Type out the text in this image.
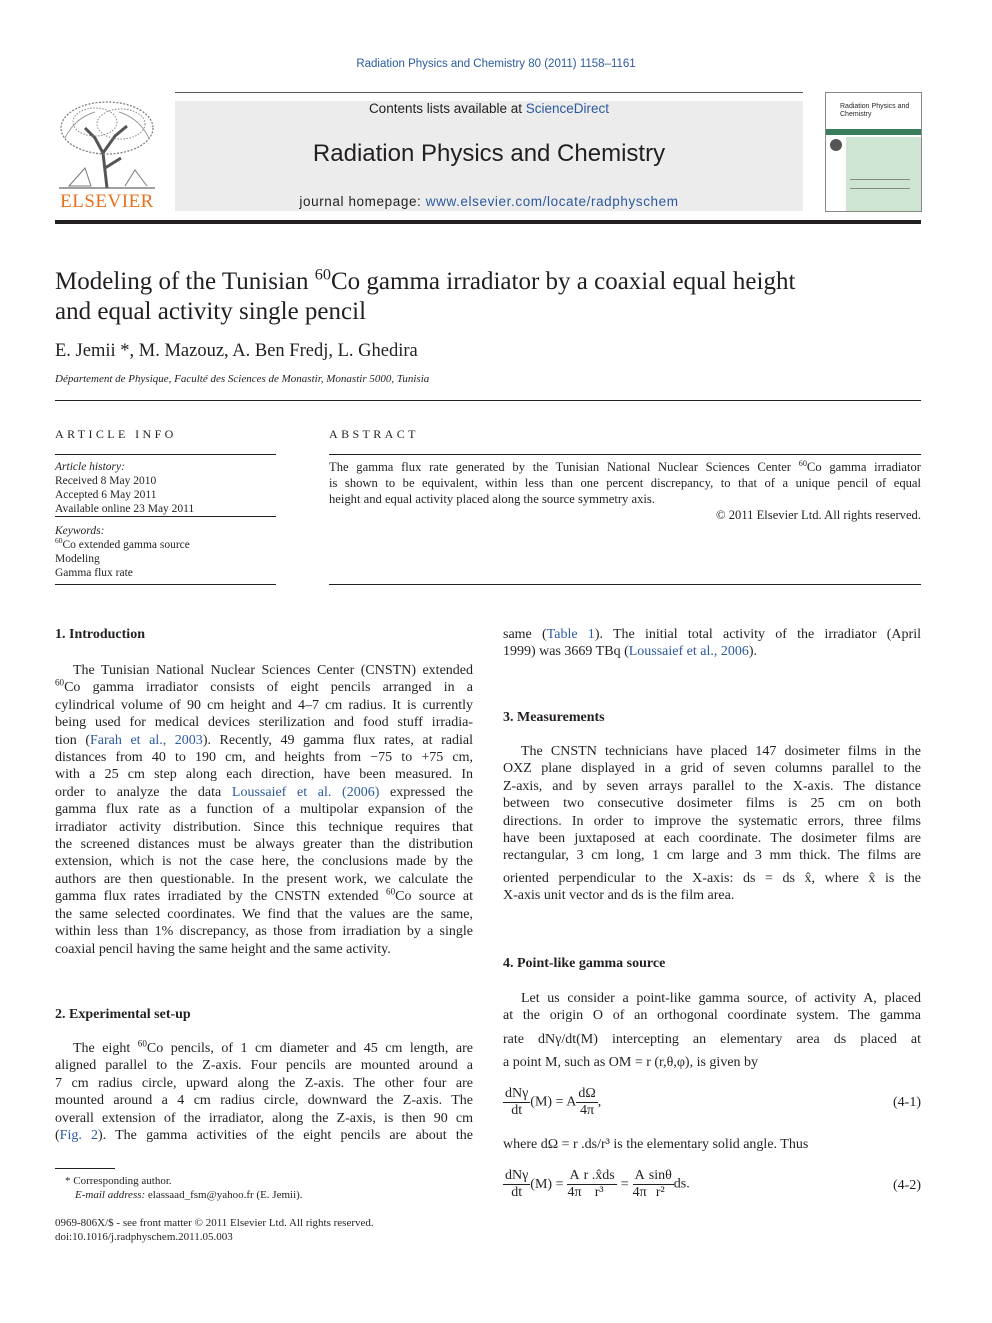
Radiation Physics and Chemistry 80 (2011) 1158–1161
ELSEVIER
Contents lists available at ScienceDirect
Radiation Physics and Chemistry
journal homepage: www.elsevier.com/locate/radphyschem
Radiation Physics and Chemistry
Modeling of the Tunisian $^{60}$Co gamma irradiator by a coaxial equal height
and equal activity single pencil
E. Jemii *, M. Mazouz, A. Ben Fredj, L. Ghedira
Département de Physique, Faculté des Sciences de Monastir, Monastir 5000, Tunisia
ARTICLE INFO
Article history:
Received 8 May 2010
Accepted 6 May 2011
Available online 23 May 2011
Keywords:
$^{60}$Co extended gamma source
Modeling
Gamma flux rate
ABSTRACT
The gamma flux rate generated by the Tunisian National Nuclear Sciences Center $^{60}$Co gamma irradiator
is shown to be equivalent, within less than one percent discrepancy, to that of a unique pencil of equal
height and equal activity placed along the source symmetry axis.
© 2011 Elsevier Ltd. All rights reserved.
1. Introduction
The Tunisian National Nuclear Sciences Center (CNSTN) extended
$^{60}$Co gamma irradiator consists of eight pencils arranged in a
cylindrical volume of 90 cm height and 4–7 cm radius. It is currently
being used for medical devices sterilization and food stuff irradia-
tion (Farah et al., 2003). Recently, 49 gamma flux rates, at radial
distances from 40 to 190 cm, and heights from −75 to +75 cm,
with a 25 cm step along each direction, have been measured. In
order to analyze the data Loussaief et al. (2006) expressed the
gamma flux rate as a function of a multipolar expansion of the
irradiator activity distribution. Since this technique requires that
the screened distances must be always greater than the distribution
extension, which is not the case here, the conclusions made by the
authors are then questionable. In the present work, we calculate the
gamma flux rates irradiated by the CNSTN extended $^{60}$Co source at
the same selected coordinates. We find that the values are the same,
within less than 1% discrepancy, as those from irradiation by a single
coaxial pencil having the same height and the same activity.
2. Experimental set-up
The eight $^{60}$Co pencils, of 1 cm diameter and 45 cm length, are
aligned parallel to the Z-axis. Four pencils are mounted around a
7 cm radius circle, upward along the Z-axis. The other four are
mounted around a 4 cm radius circle, downward the Z-axis. The
overall extension of the irradiator, along the Z-axis, is then 90 cm
(Fig. 2). The gamma activities of the eight pencils are about the
* Corresponding author.
E-mail address: elassaad_fsm@yahoo.fr (E. Jemii).
0969-806X/$ - see front matter © 2011 Elsevier Ltd. All rights reserved.
doi:10.1016/j.radphyschem.2011.05.003
same (Table 1). The initial total activity of the irradiator (April
1999) was 3669 TBq (Loussaief et al., 2006).
3. Measurements
The CNSTN technicians have placed 147 dosimeter films in the
OXZ plane displayed in a grid of seven columns parallel to the
Z-axis, and by seven arrays parallel to the X-axis. The distance
between two consecutive dosimeter films is 25 cm on both
directions. In order to improve the systematic errors, three films
have been juxtaposed at each coordinate. The dosimeter films are
rectangular, 3 cm long, 1 cm large and 3 mm thick. The films are
oriented perpendicular to the X-axis: ds = ds x̂, where x̂ is the
X-axis unit vector and ds is the film area.
4. Point-like gamma source
Let us consider a point-like gamma source, of activity A, placed
at the origin O of an orthogonal coordinate system. The gamma
rate dNγ/dt(M) intercepting an elementary area ds placed at
a point M, such as OM = r (r,θ,φ), is given by
$\frac{\text{dNγ}}{dt} (M) = A \frac{d\Omega}{4\pi}$ ,	(4-1)
where dΩ = r .ds/r³ is the elementary solid angle. Thus
$\frac{\text{dNγ}}{dt} (M) = \frac{A}{4\pi} \frac{r .x̂ds}{\text{r³}} = \frac{A}{4\pi} \frac{\sin\theta}{\text{r²}}$ ds.	(4-2)
